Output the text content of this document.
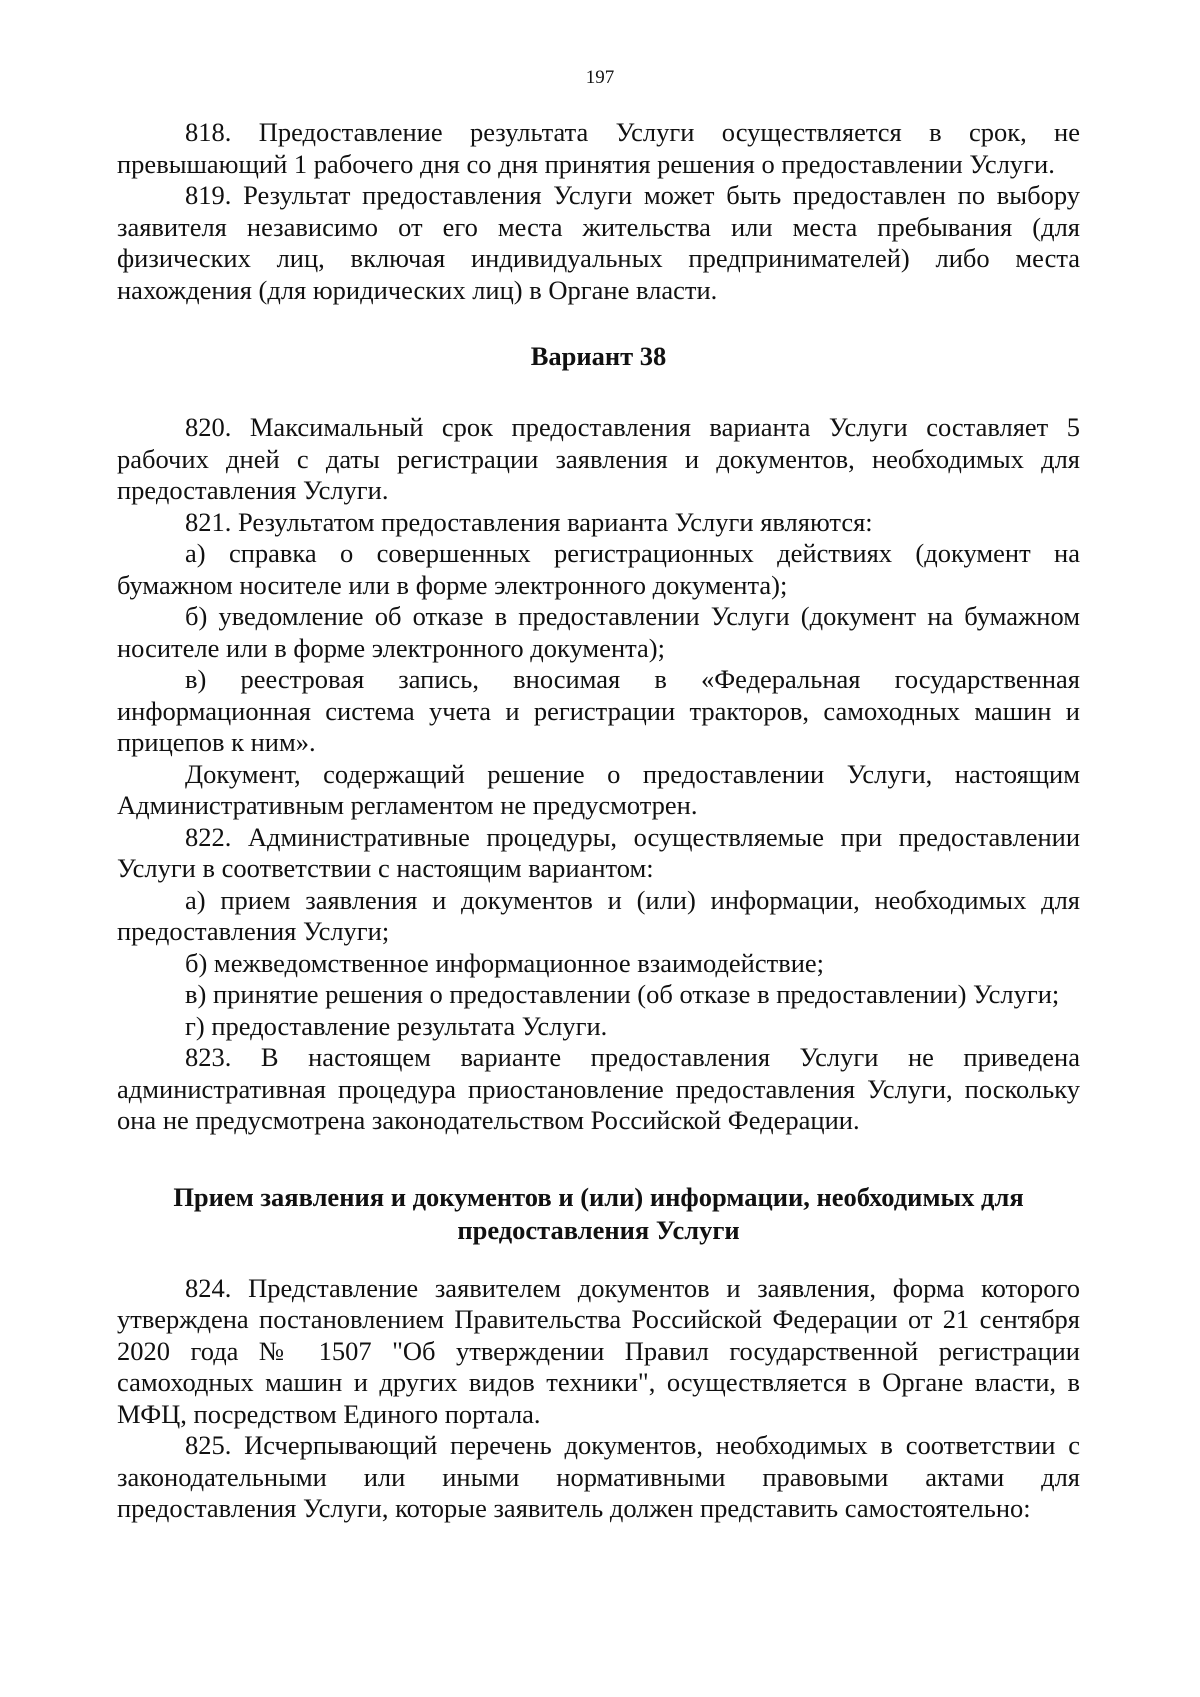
197

818. Предоставление результата Услуги осуществляется в срок, не превышающий 1 рабочего дня со дня принятия решения о предоставлении Услуги.

819. Результат предоставления Услуги может быть предоставлен по выбору заявителя независимо от его места жительства или места пребывания (для физических лиц, включая индивидуальных предпринимателей) либо места нахождения (для юридических лиц) в Органе власти.

Вариант 38

820. Максимальный срок предоставления варианта Услуги составляет 5 рабочих дней с даты регистрации заявления и документов, необходимых для предоставления Услуги.

821. Результатом предоставления варианта Услуги являются:

а) справка о совершенных регистрационных действиях (документ на бумажном носителе или в форме электронного документа);

б) уведомление об отказе в предоставлении Услуги (документ на бумажном носителе или в форме электронного документа);

в) реестровая запись, вносимая в «Федеральная государственная информационная система учета и регистрации тракторов, самоходных машин и прицепов к ним».

Документ, содержащий решение о предоставлении Услуги, настоящим Административным регламентом не предусмотрен.

822. Административные процедуры, осуществляемые при предоставлении Услуги в соответствии с настоящим вариантом:

а) прием заявления и документов и (или) информации, необходимых для предоставления Услуги;

б) межведомственное информационное взаимодействие;

в) принятие решения о предоставлении (об отказе в предоставлении) Услуги;

г) предоставление результата Услуги.

823. В настоящем варианте предоставления Услуги не приведена административная процедура приостановление предоставления Услуги, поскольку она не предусмотрена законодательством Российской Федерации.

Прием заявления и документов и (или) информации, необходимых для предоставления Услуги

824. Представление заявителем документов и заявления, форма которого утверждена постановлением Правительства Российской Федерации от 21 сентября 2020 года № 1507 "Об утверждении Правил государственной регистрации самоходных машин и других видов техники", осуществляется в Органе власти, в МФЦ, посредством Единого портала.

825. Исчерпывающий перечень документов, необходимых в соответствии с законодательными или иными нормативными правовыми актами для предоставления Услуги, которые заявитель должен представить самостоятельно:
